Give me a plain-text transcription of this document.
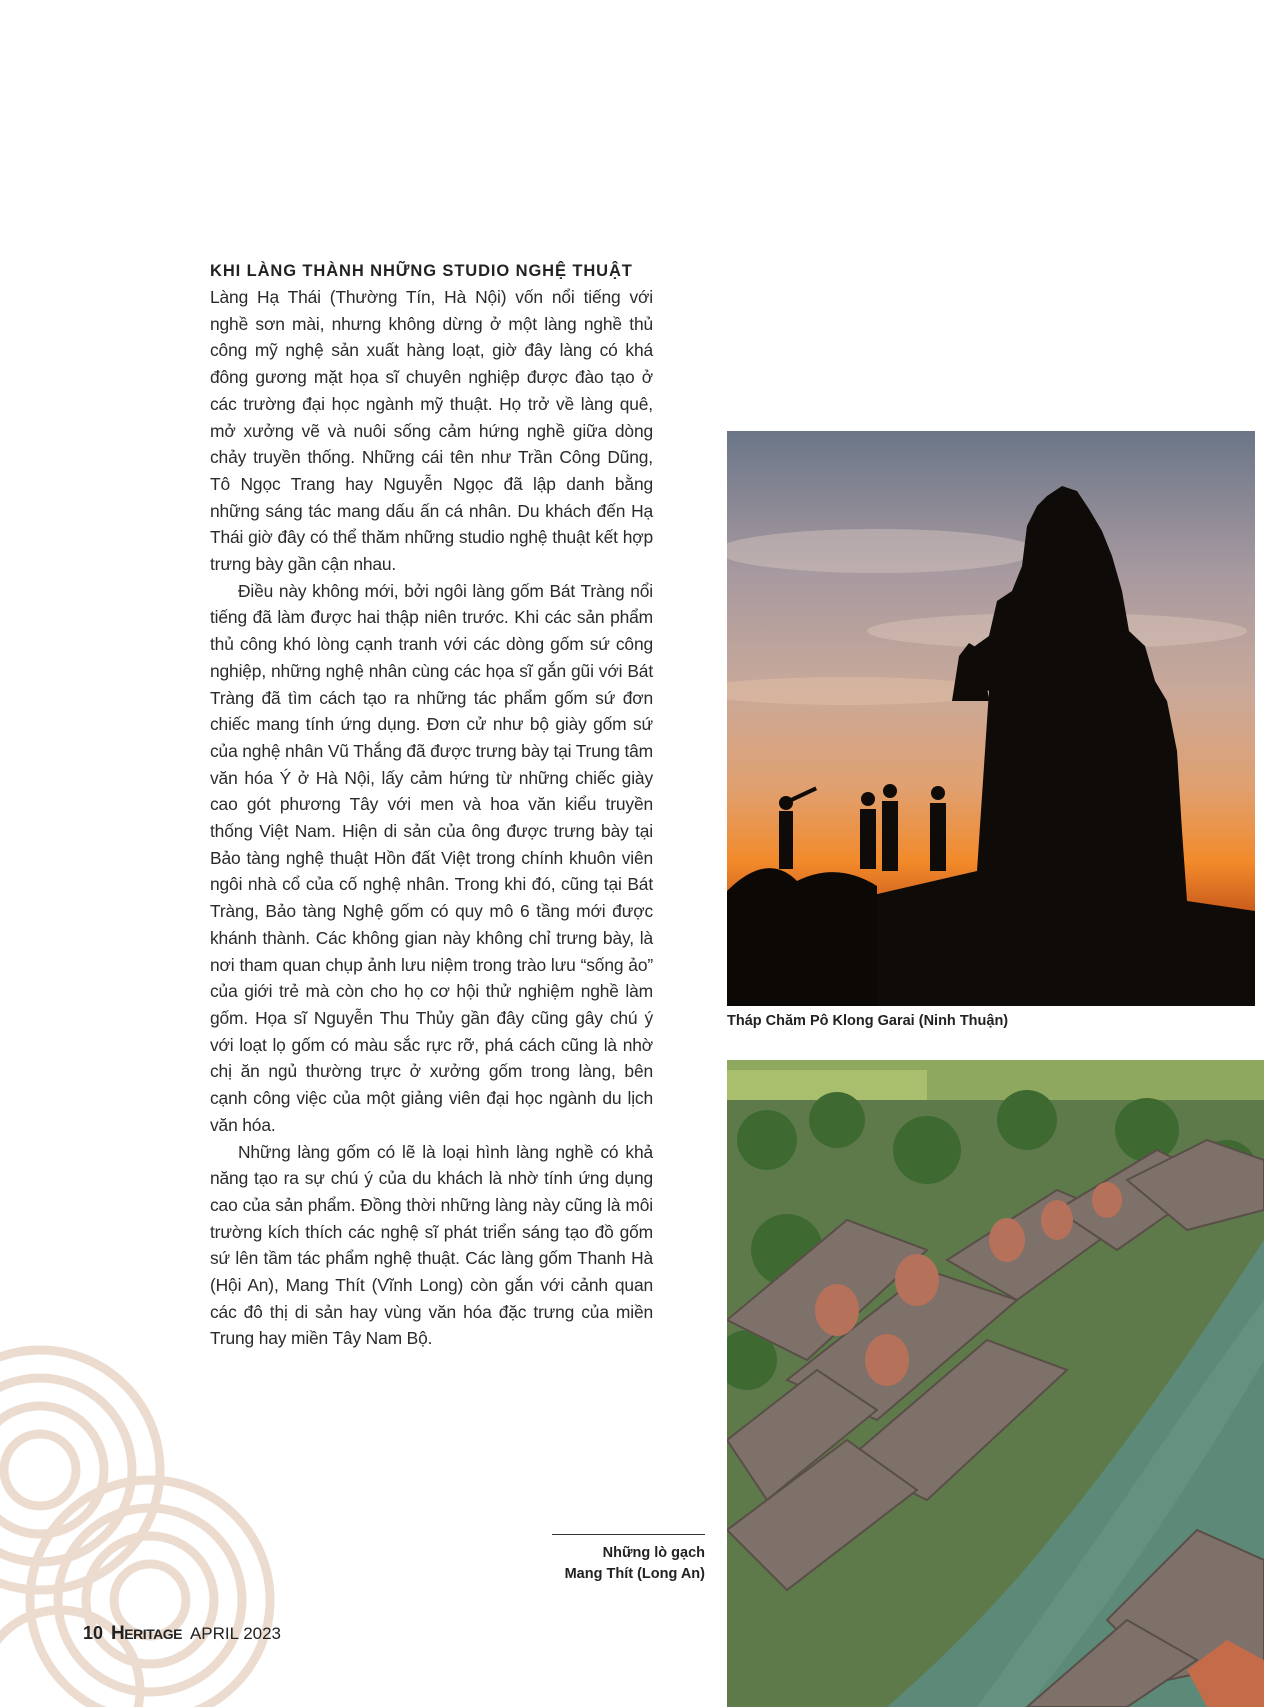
KHI LÀNG THÀNH NHỮNG STUDIO NGHỆ THUẬT

Làng Hạ Thái (Thường Tín, Hà Nội) vốn nổi tiếng với nghề sơn mài, nhưng không dừng ở một làng nghề thủ công mỹ nghệ sản xuất hàng loạt, giờ đây làng có khá đông gương mặt họa sĩ chuyên nghiệp được đào tạo ở các trường đại học ngành mỹ thuật. Họ trở về làng quê, mở xưởng vẽ và nuôi sống cảm hứng nghề giữa dòng chảy truyền thống. Những cái tên như Trần Công Dũng, Tô Ngọc Trang hay Nguyễn Ngọc đã lập danh bằng những sáng tác mang dấu ấn cá nhân. Du khách đến Hạ Thái giờ đây có thể thăm những studio nghệ thuật kết hợp trưng bày gần cận nhau.

Điều này không mới, bởi ngôi làng gốm Bát Tràng nổi tiếng đã làm được hai thập niên trước. Khi các sản phẩm thủ công khó lòng cạnh tranh với các dòng gốm sứ công nghiệp, những nghệ nhân cùng các họa sĩ gắn gũi với Bát Tràng đã tìm cách tạo ra những tác phẩm gốm sứ đơn chiếc mang tính ứng dụng. Đơn cử như bộ giày gốm sứ của nghệ nhân Vũ Thắng đã được trưng bày tại Trung tâm văn hóa Ý ở Hà Nội, lấy cảm hứng từ những chiếc giày cao gót phương Tây với men và hoa văn kiểu truyền thống Việt Nam. Hiện di sản của ông được trưng bày tại Bảo tàng nghệ thuật Hồn đất Việt trong chính khuôn viên ngôi nhà cổ của cố nghệ nhân. Trong khi đó, cũng tại Bát Tràng, Bảo tàng Nghệ gốm có quy mô 6 tầng mới được khánh thành. Các không gian này không chỉ trưng bày, là nơi tham quan chụp ảnh lưu niệm trong trào lưu “sống ảo” của giới trẻ mà còn cho họ cơ hội thử nghiệm nghề làm gốm. Họa sĩ Nguyễn Thu Thủy gần đây cũng gây chú ý với loạt lọ gốm có màu sắc rực rỡ, phá cách cũng là nhờ chị ăn ngủ thường trực ở xưởng gốm trong làng, bên cạnh công việc của một giảng viên đại học ngành du lịch văn hóa.

Những làng gốm có lẽ là loại hình làng nghề có khả năng tạo ra sự chú ý của du khách là nhờ tính ứng dụng cao của sản phẩm. Đồng thời những làng này cũng là môi trường kích thích các nghệ sĩ phát triển sáng tạo đồ gốm sứ lên tầm tác phẩm nghệ thuật. Các làng gốm Thanh Hà (Hội An), Mang Thít (Vĩnh Long) còn gắn với cảnh quan các đô thị di sản hay vùng văn hóa đặc trưng của miền Trung hay miền Tây Nam Bộ.

Tháp Chăm Pô Klong Garai (Ninh Thuận)
Những lò gạch
Mang Thít (Long An)
10 HERITAGE APRIL 2023
